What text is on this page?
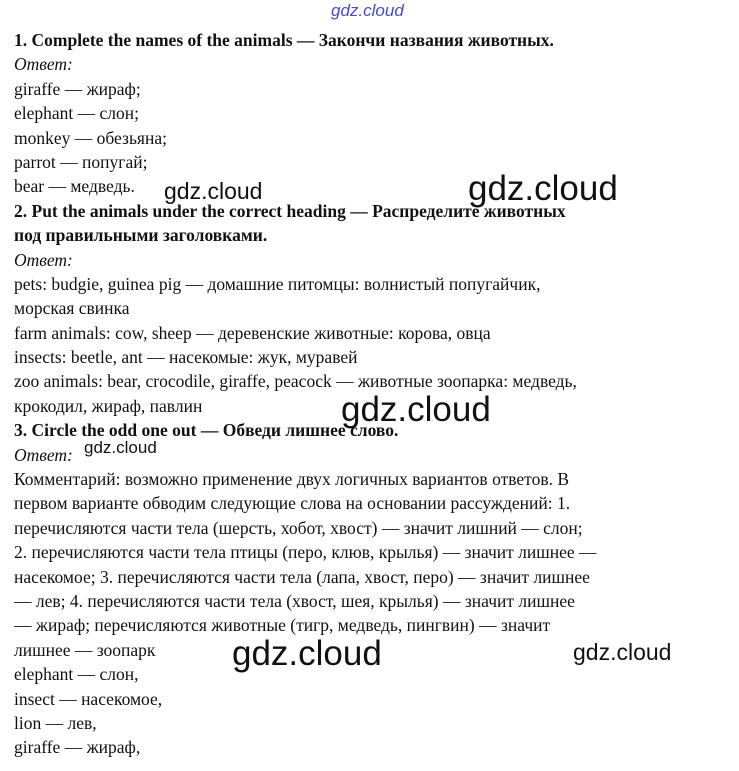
gdz.cloud
1. Complete the names of the animals — Закончи названия животных.
Ответ:
giraffe — жираф;
elephant — слон;
monkey — обезьяна;
parrot — попугай;
bear — медведь.
2. Put the animals under the correct heading — Распределите животных
под правильными заголовками.
Ответ:
pets: budgie, guinea pig — домашние питомцы: волнистый попугайчик,
морская свинка
farm animals: cow, sheep — деревенские животные: корова, овца
insects: beetle, ant — насекомые: жук, муравей
zoo animals: bear, crocodile, giraffe, peacock — животные зоопарка: медведь,
крокодил, жираф, павлин
3. Circle the odd one out — Обведи лишнее слово.
Ответ:
Комментарий: возможно применение двух логичных вариантов ответов. В
первом варианте обводим следующие слова на основании рассуждений: 1.
перечисляются части тела (шерсть, хобот, хвост) — значит лишний — слон;
2. перечисляются части тела птицы (перо, клюв, крылья) — значит лишнее —
насекомое; 3. перечисляются части тела (лапа, хвост, перо) — значит лишнее
— лев; 4. перечисляются части тела (хвост, шея, крылья) — значит лишнее
— жираф; перечисляются животные (тигр, медведь, пингвин) — значит
лишнее — зоопарк
elephant — слон,
insect — насекомое,
lion — лев,
giraffe — жираф,
gdz.cloud	gdz.cloud
gdz.cloud
gdz.cloud
gdz.cloud	gdz.cloud
